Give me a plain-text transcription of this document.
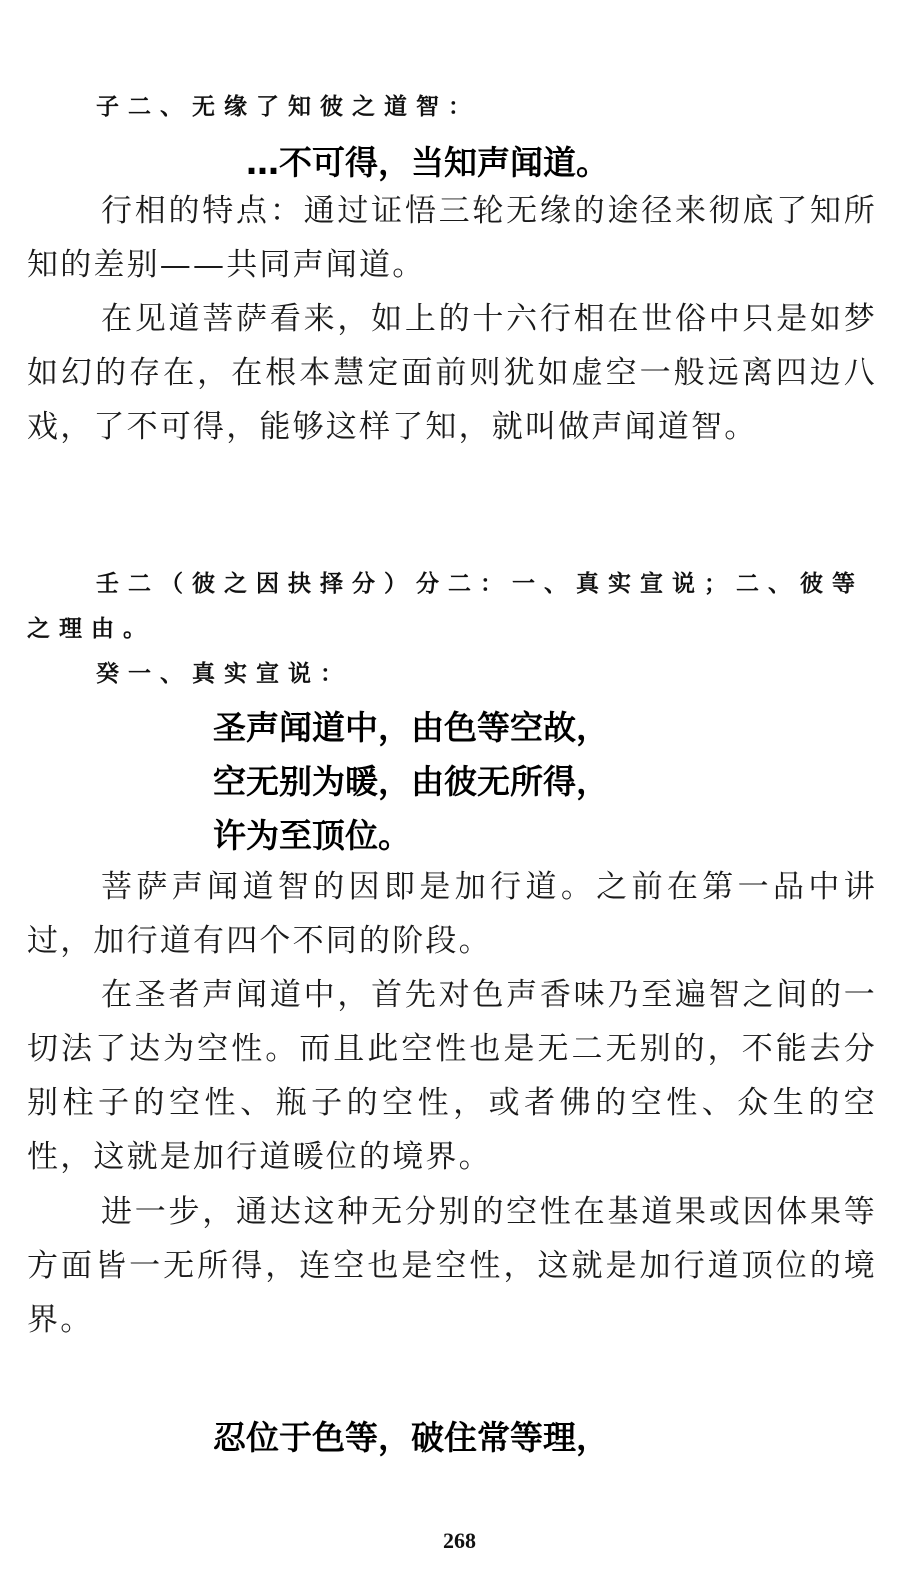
子二、无缘了知彼之道智：
…不可得，当知声闻道。
行相的特点：通过证悟三轮无缘的途径来彻底了知所知的差别——共同声闻道。
在见道菩萨看来，如上的十六行相在世俗中只是如梦如幻的存在，在根本慧定面前则犹如虚空一般远离四边八戏，了不可得，能够这样了知，就叫做声闻道智。
壬二（彼之因抉择分）分二：一、真实宣说；二、彼等
之理由。
癸一、真实宣说：
圣声闻道中，由色等空故，
空无别为暖，由彼无所得，
许为至顶位。
菩萨声闻道智的因即是加行道。之前在第一品中讲过，加行道有四个不同的阶段。
在圣者声闻道中，首先对色声香味乃至遍智之间的一切法了达为空性。而且此空性也是无二无别的，不能去分别柱子的空性、瓶子的空性，或者佛的空性、众生的空性，这就是加行道暖位的境界。
进一步，通达这种无分别的空性在基道果或因体果等方面皆一无所得，连空也是空性，这就是加行道顶位的境界。
忍位于色等，破住常等理，
268
